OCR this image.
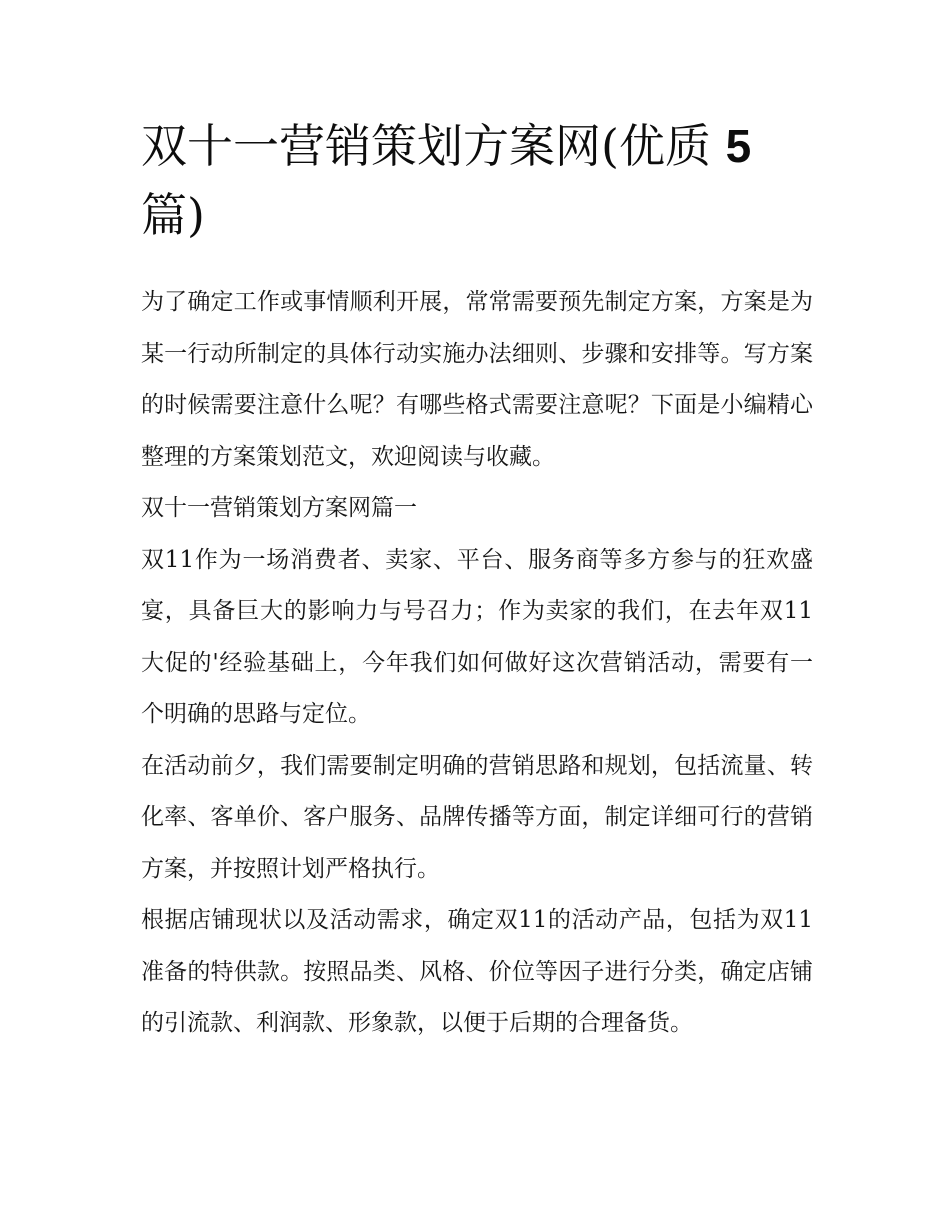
双十一营销策划方案网(优质 5
篇)

为了确定工作或事情顺利开展，常常需要预先制定方案，方案是为某一行动所制定的具体行动实施办法细则、步骤和安排等。写方案的时候需要注意什么呢？有哪些格式需要注意呢？下面是小编精心整理的方案策划范文，欢迎阅读与收藏。

双十一营销策划方案网篇一

双11作为一场消费者、卖家、平台、服务商等多方参与的狂欢盛宴，具备巨大的影响力与号召力；作为卖家的我们，在去年双11大促的'经验基础上，今年我们如何做好这次营销活动，需要有一个明确的思路与定位。

在活动前夕，我们需要制定明确的营销思路和规划，包括流量、转化率、客单价、客户服务、品牌传播等方面，制定详细可行的营销方案，并按照计划严格执行。

根据店铺现状以及活动需求，确定双11的活动产品，包括为双11准备的特供款。按照品类、风格、价位等因子进行分类，确定店铺的引流款、利润款、形象款，以便于后期的合理备货。
